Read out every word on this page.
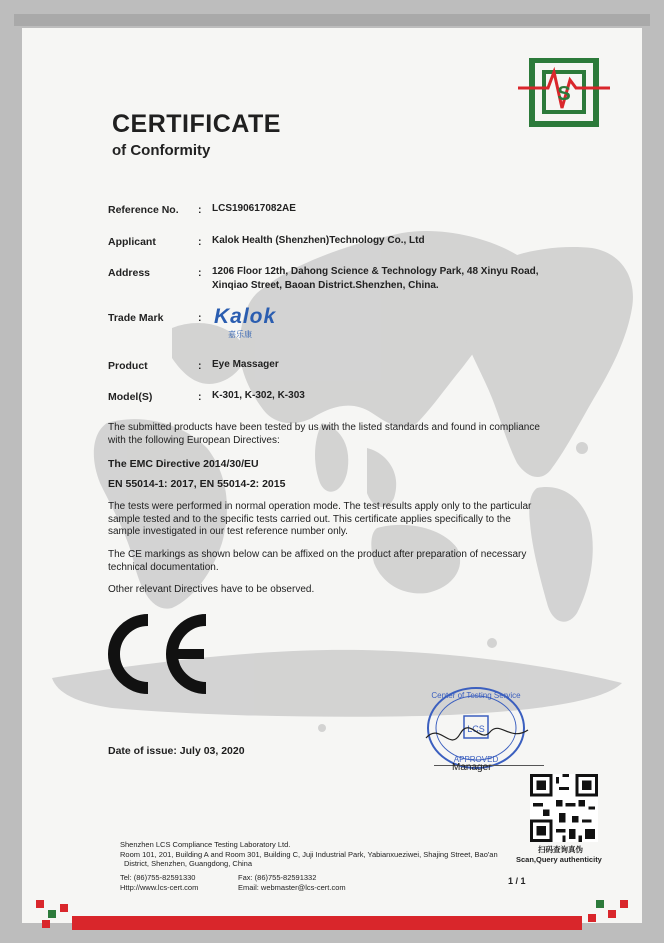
S
CERTIFICATE
of Conformity
Reference No. : LCS190617082AE
Applicant	: Kalok Health (Shenzhen)Technology Co., Ltd
Address	: 1206 Floor 12th, Dahong Science & Technology Park, 48 Xinyu Road,
Xinqiao Street, Baoan District.Shenzhen, China.
Trade Mark	: Kalok
嘉乐康
Product	: Eye Massager
Model(S)	: K-301, K-302, K-303
The submitted products have been tested by us with the listed standards and found in compliance
with the following European Directives:
The EMC Directive 2014/30/EU
EN 55014-1: 2017, EN 55014-2: 2015
The tests were performed in normal operation mode. The test results apply only to the particular
sample tested and to the specific tests carried out. This certificate applies specifically to the
sample investigated in our test reference number only.
The CE markings as shown below can be affixed on the product after preparation of necessary
technical documentation.
Other relevant Directives have to be observed.
LCS
Center of Testing Service
APPROVED
Manager
Date of issue: July 03, 2020
扫码查询真伪
Scan,Query authenticity
Shenzhen LCS Compliance Testing Laboratory Ltd.
Room 101, 201, Building A and Room 301, Building C, Juji Industrial Park, Yabianxueziwei, Shajing Street, Bao'an
District, Shenzhen, Guangdong, China
Tel: (86)755-82591330	Fax: (86)755-82591332
Http://www.lcs-cert.com	Email: webmaster@lcs-cert.com
1 / 1
